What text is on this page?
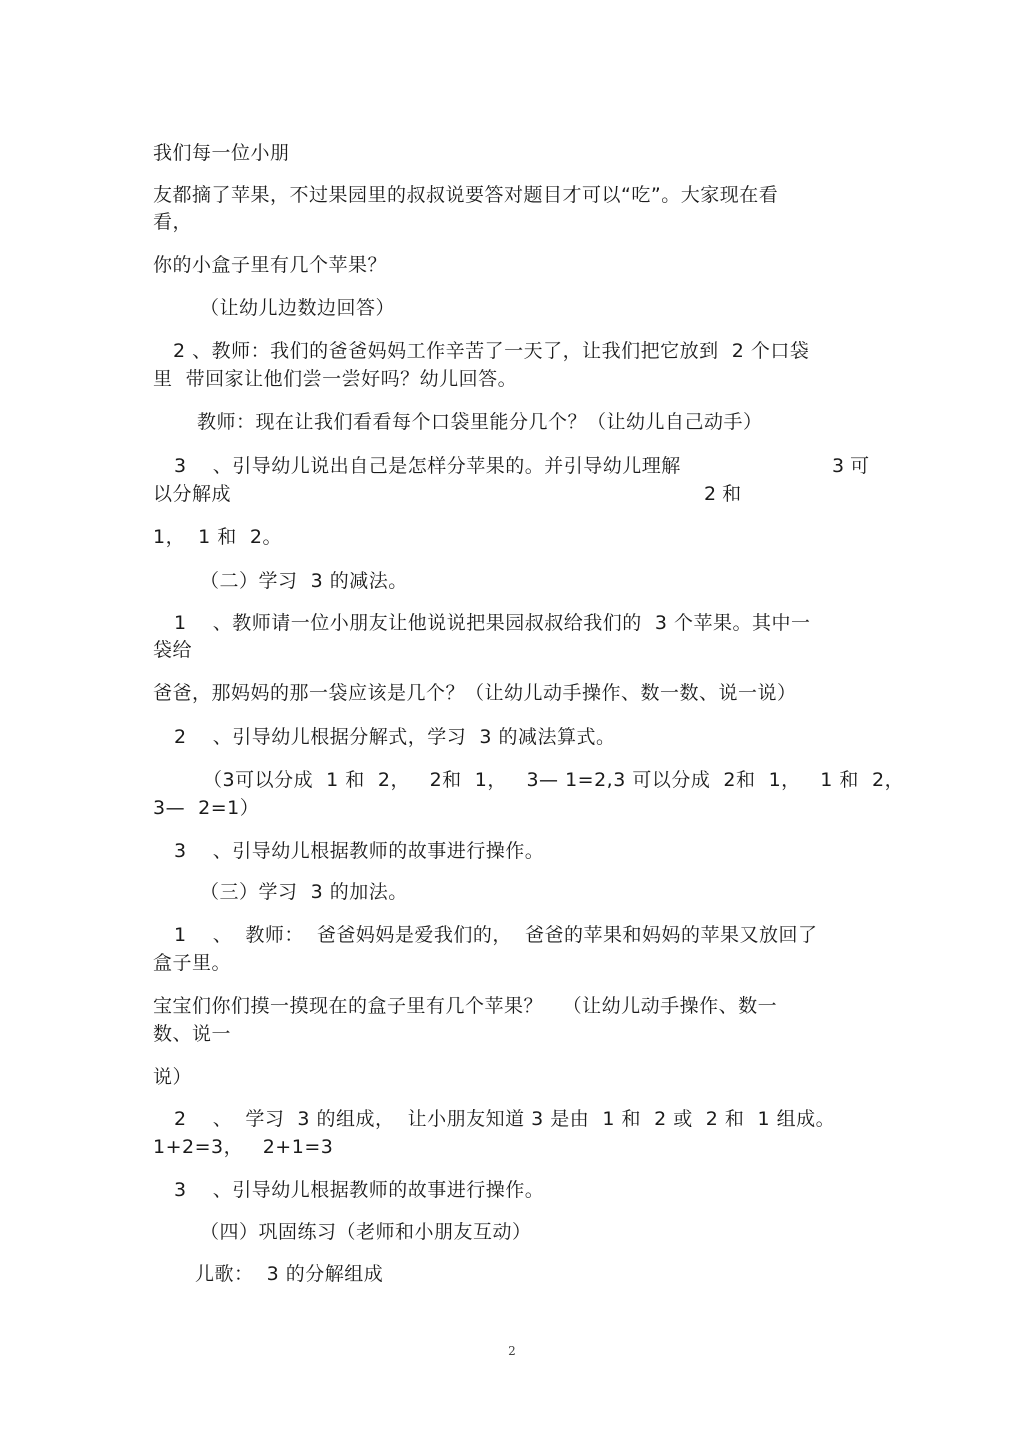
我们每一位小朋
友都摘了苹果，不过果园里的叔叔说要答对题目才可以“吃”。大家现在看
看，
你的小盒子里有几个苹果？
（让幼儿边数边回答）
2 、教师：我们的爸爸妈妈工作辛苦了一天了，让我们把它放到  2 个口袋
里  带回家让他们尝一尝好吗？幼儿回答。
教师：现在让我们看看每个口袋里能分几个？（让幼儿自己动手）
3    、引导幼儿说出自己是怎样分苹果的。并引导幼儿理解	3 可
以分解成	2 和
1，  1 和  2。
（二）学习  3 的减法。
1    、教师请一位小朋友让他说说把果园叔叔给我们的  3 个苹果。其中一
袋给
爸爸，那妈妈的那一袋应该是几个？（让幼儿动手操作、数一数、说一说）
2    、引导幼儿根据分解式，学习  3 的减法算式。
（3可以分成  1 和  2，   2和  1，   3— 1=2,3 可以分成  2和  1，   1 和  2，
3—  2=1）
3    、引导幼儿根据教师的故事进行操作。
（三）学习  3 的加法。
1    、  教师：  爸爸妈妈是爱我们的，  爸爸的苹果和妈妈的苹果又放回了
盒子里。
宝宝们你们摸一摸现在的盒子里有几个苹果？   （让幼儿动手操作、数一
数、说一
说）
2    、  学习  3 的组成，  让小朋友知道 3 是由  1 和  2 或  2 和  1 组成。
1+2=3，   2+1=3
3    、引导幼儿根据教师的故事进行操作。
（四）巩固练习（老师和小朋友互动）
儿歌：  3 的分解组成
2
